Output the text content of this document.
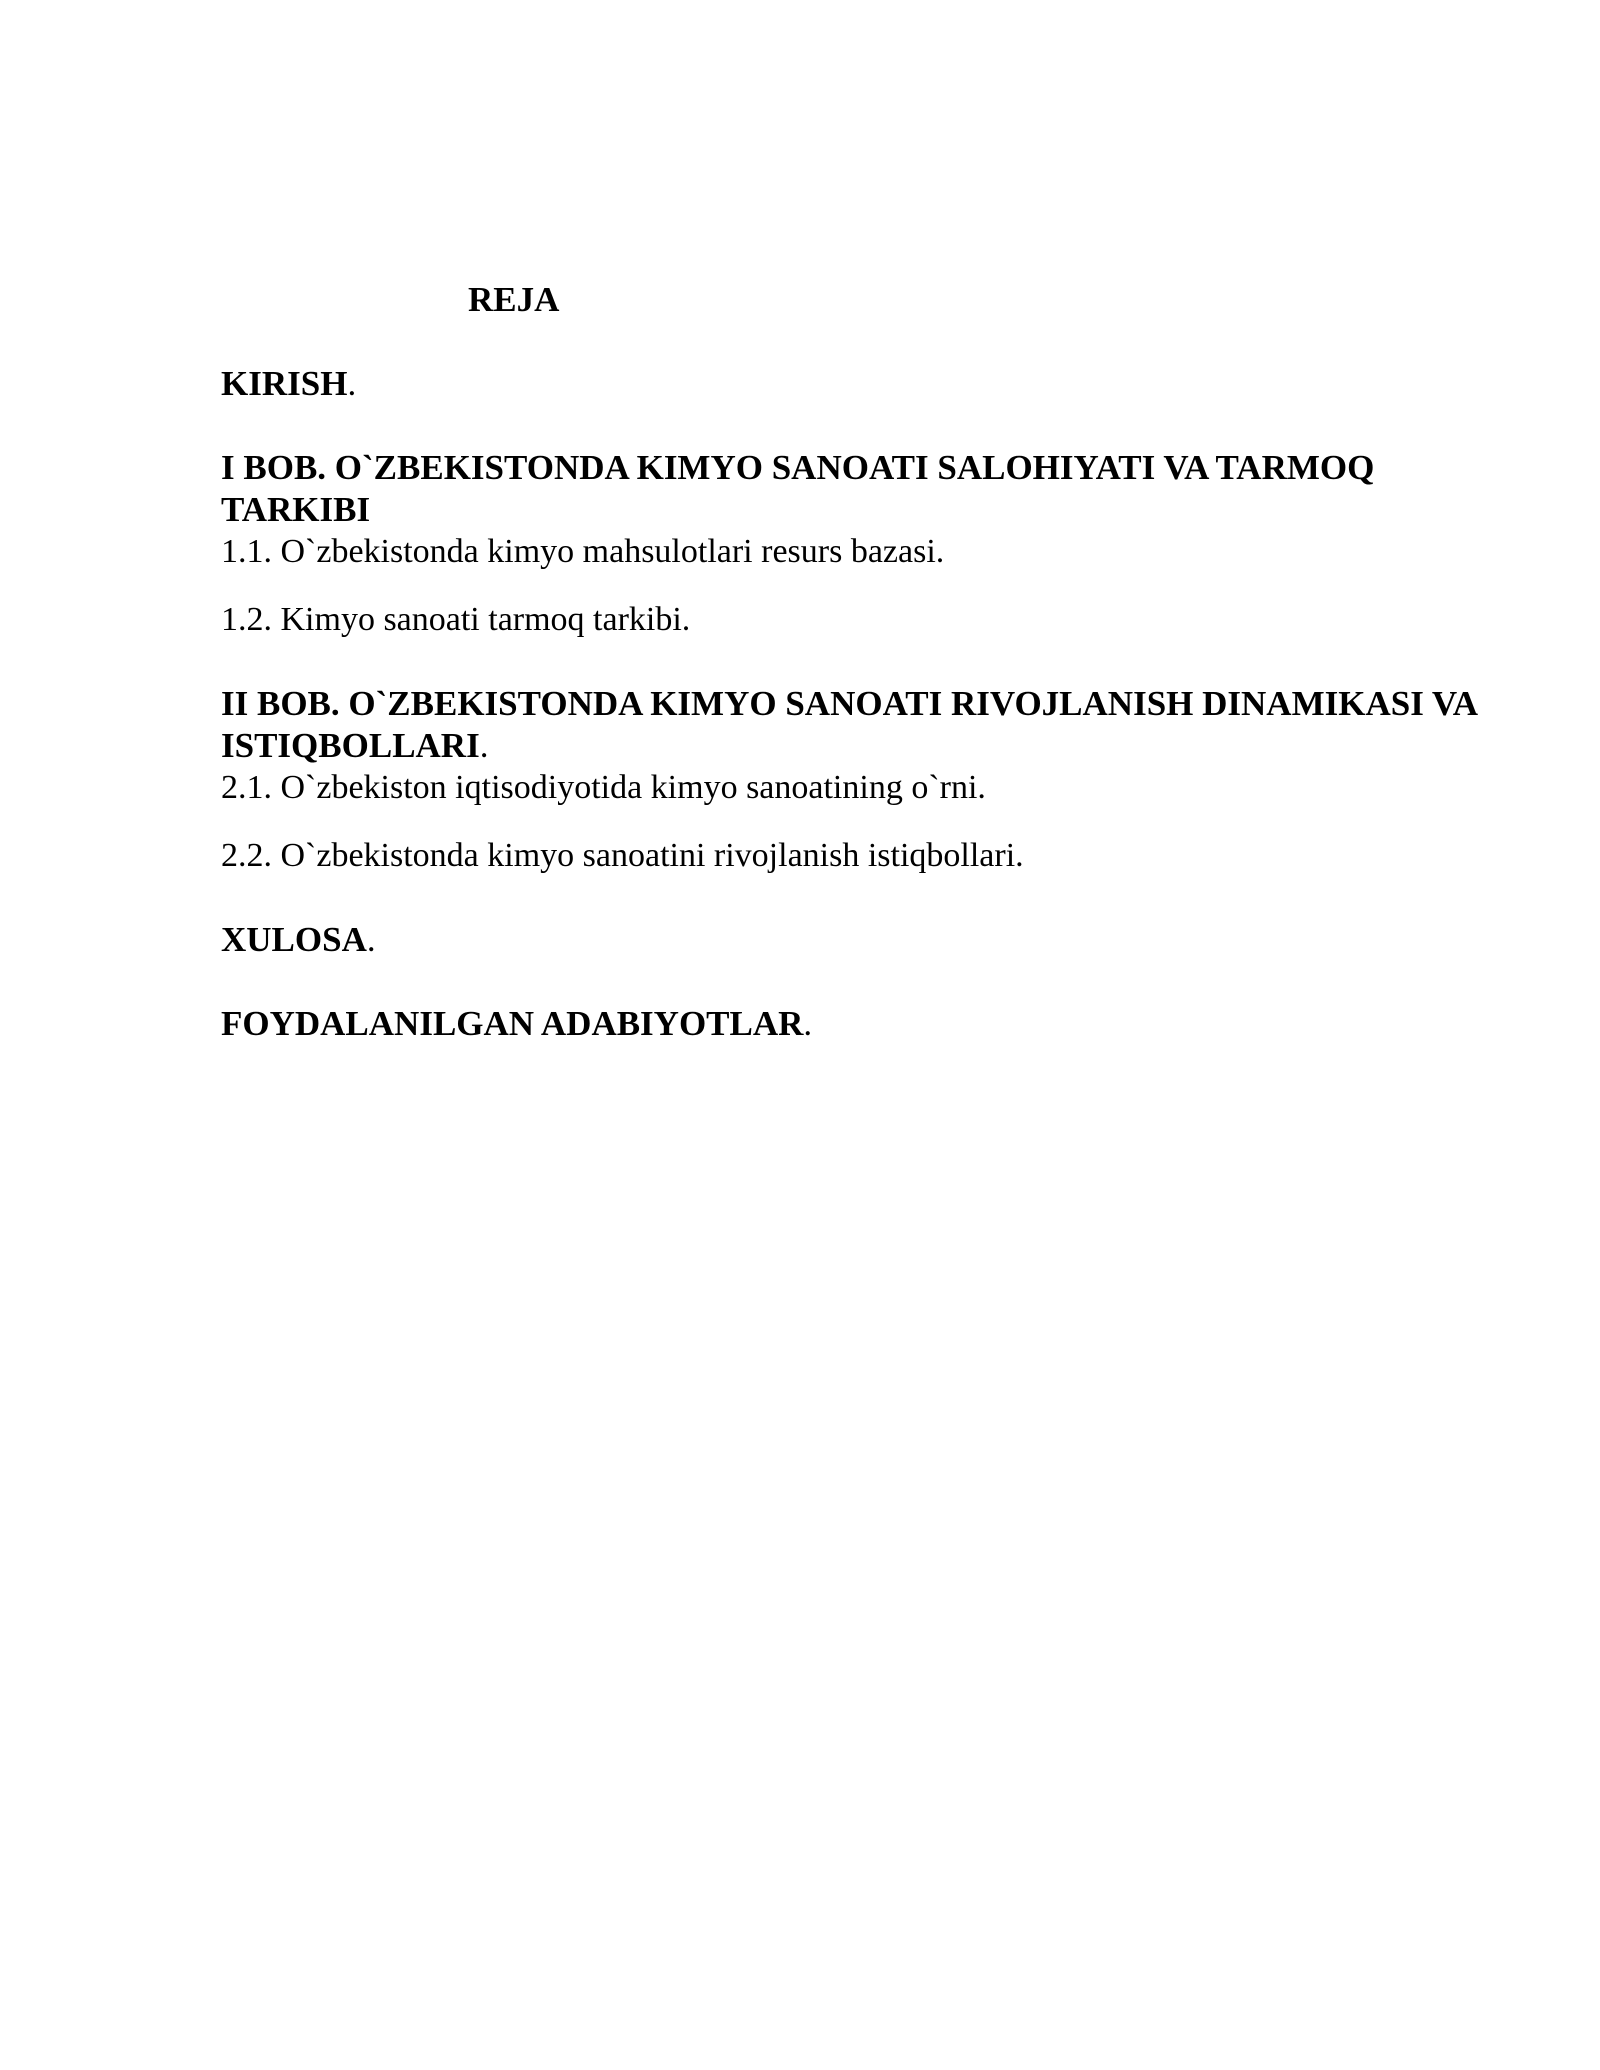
REJA

KIRISH.

I BOB. O`ZBEKISTONDA KIMYO SANOATI SALOHIYATI VA TARMOQ TARKIBI

1.1. O`zbekistonda kimyo mahsulotlari resurs bazasi.

1.2. Kimyo sanoati tarmoq tarkibi.

II BOB. O`ZBEKISTONDA KIMYO SANOATI RIVOJLANISH DINAMIKASI VA ISTIQBOLLARI.

2.1. O`zbekiston iqtisodiyotida kimyo sanoatining o`rni.

2.2. O`zbekistonda kimyo sanoatini rivojlanish istiqbollari.

XULOSA.

FOYDALANILGAN ADABIYOTLAR.
